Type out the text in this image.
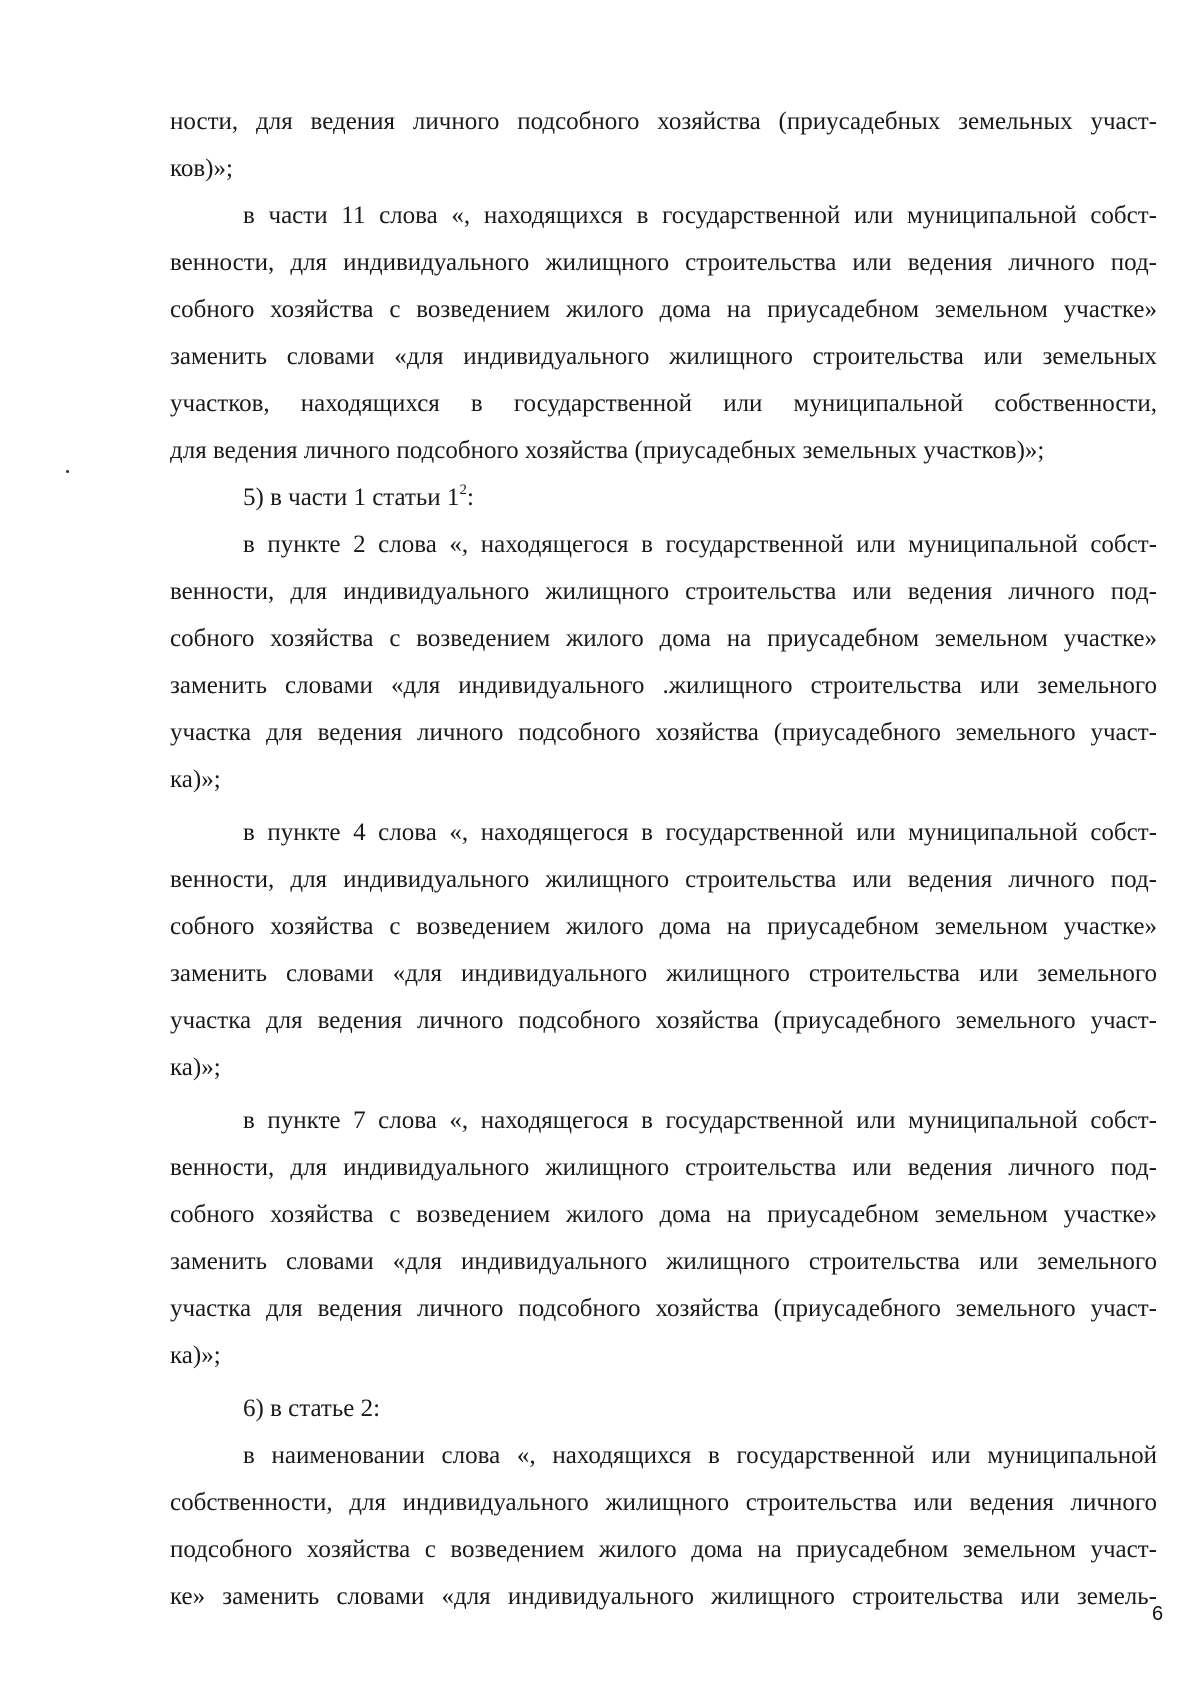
ности, для ведения личного подсобного хозяйства (приусадебных земельных участ-
ков)»;
в части 11 слова «, находящихся в государственной или муниципальной собст-
венности, для индивидуального жилищного строительства или ведения личного под-
собного хозяйства с возведением жилого дома на приусадебном земельном участке»
заменить словами «для индивидуального жилищного строительства или земельных
участков, находящихся в государственной или муниципальной собственности,
для ведения личного подсобного хозяйства (приусадебных земельных участков)»;
5) в части 1 статьи $1^2$:
в пункте 2 слова «, находящегося в государственной или муниципальной собст-
венности, для индивидуального жилищного строительства или ведения личного под-
собного хозяйства с возведением жилого дома на приусадебном земельном участке»
заменить словами «для индивидуального .жилищного строительства или земельного
участка для ведения личного подсобного хозяйства (приусадебного земельного участ-
ка)»;
в пункте 4 слова «, находящегося в государственной или муниципальной собст-
венности, для индивидуального жилищного строительства или ведения личного под-
собного хозяйства с возведением жилого дома на приусадебном земельном участке»
заменить словами «для индивидуального жилищного строительства или земельного
участка для ведения личного подсобного хозяйства (приусадебного земельного участ-
ка)»;
в пункте 7 слова «, находящегося в государственной или муниципальной собст-
венности, для индивидуального жилищного строительства или ведения личного под-
собного хозяйства с возведением жилого дома на приусадебном земельном участке»
заменить словами «для индивидуального жилищного строительства или земельного
участка для ведения личного подсобного хозяйства (приусадебного земельного участ-
ка)»;
6) в статье 2:
в наименовании слова «, находящихся в государственной или муниципальной
собственности, для индивидуального жилищного строительства или ведения личного
подсобного хозяйства с возведением жилого дома на приусадебном земельном участ-
ке» заменить словами «для индивидуального жилищного строительства или земель-
6
